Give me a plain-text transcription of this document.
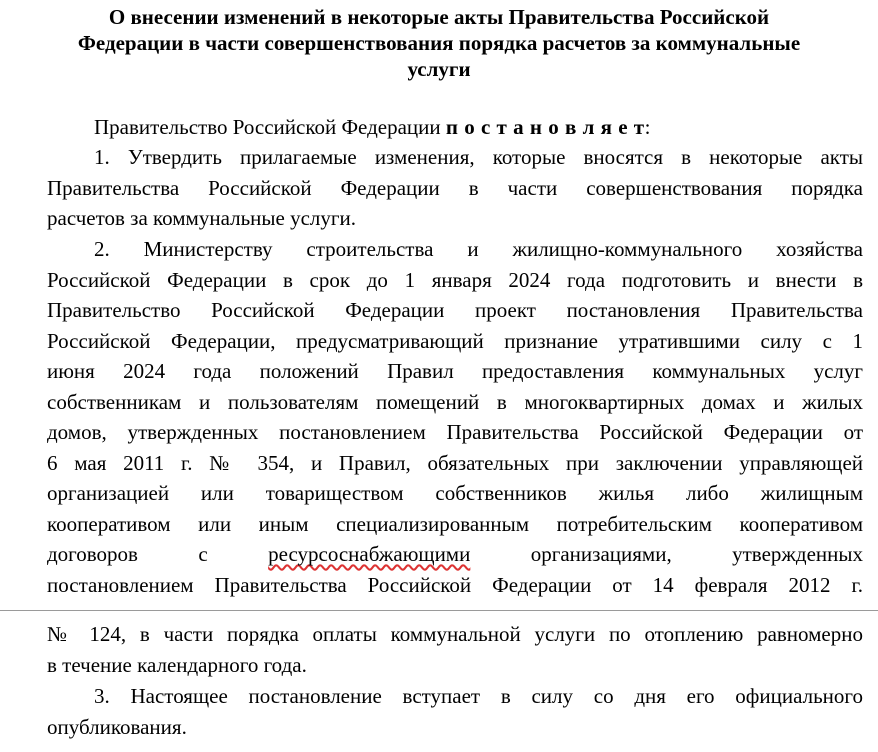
О внесении изменений в некоторые акты Правительства Российской
Федерации в части совершенствования порядка расчетов за коммунальные
услуги
Правительство Российской Федерации п о с т а н о в л я е т:
1. Утвердить прилагаемые изменения, которые вносятся в некоторые акты
Правительства Российской Федерации в части совершенствования порядка
расчетов за коммунальные услуги.
2. Министерству строительства и жилищно-коммунального хозяйства
Российской Федерации в срок до 1 января 2024 года подготовить и внести в
Правительство Российской Федерации проект постановления Правительства
Российской Федерации, предусматривающий признание утратившими силу с 1
июня 2024 года положений Правил предоставления коммунальных услуг
собственникам и пользователям помещений в многоквартирных домах и жилых
домов, утвержденных постановлением Правительства Российской Федерации от
6 мая 2011 г. № 354, и Правил, обязательных при заключении управляющей
организацией или товариществом собственников жилья либо жилищным
кооперативом или иным специализированным потребительским кооперативом
договоров с ресурсоснабжающими организациями, утвержденных
постановлением Правительства Российской Федерации от 14 февраля 2012 г.
№ 124, в части порядка оплаты коммунальной услуги по отоплению равномерно
в течение календарного года.
3. Настоящее постановление вступает в силу со дня его официального
опубликования.
